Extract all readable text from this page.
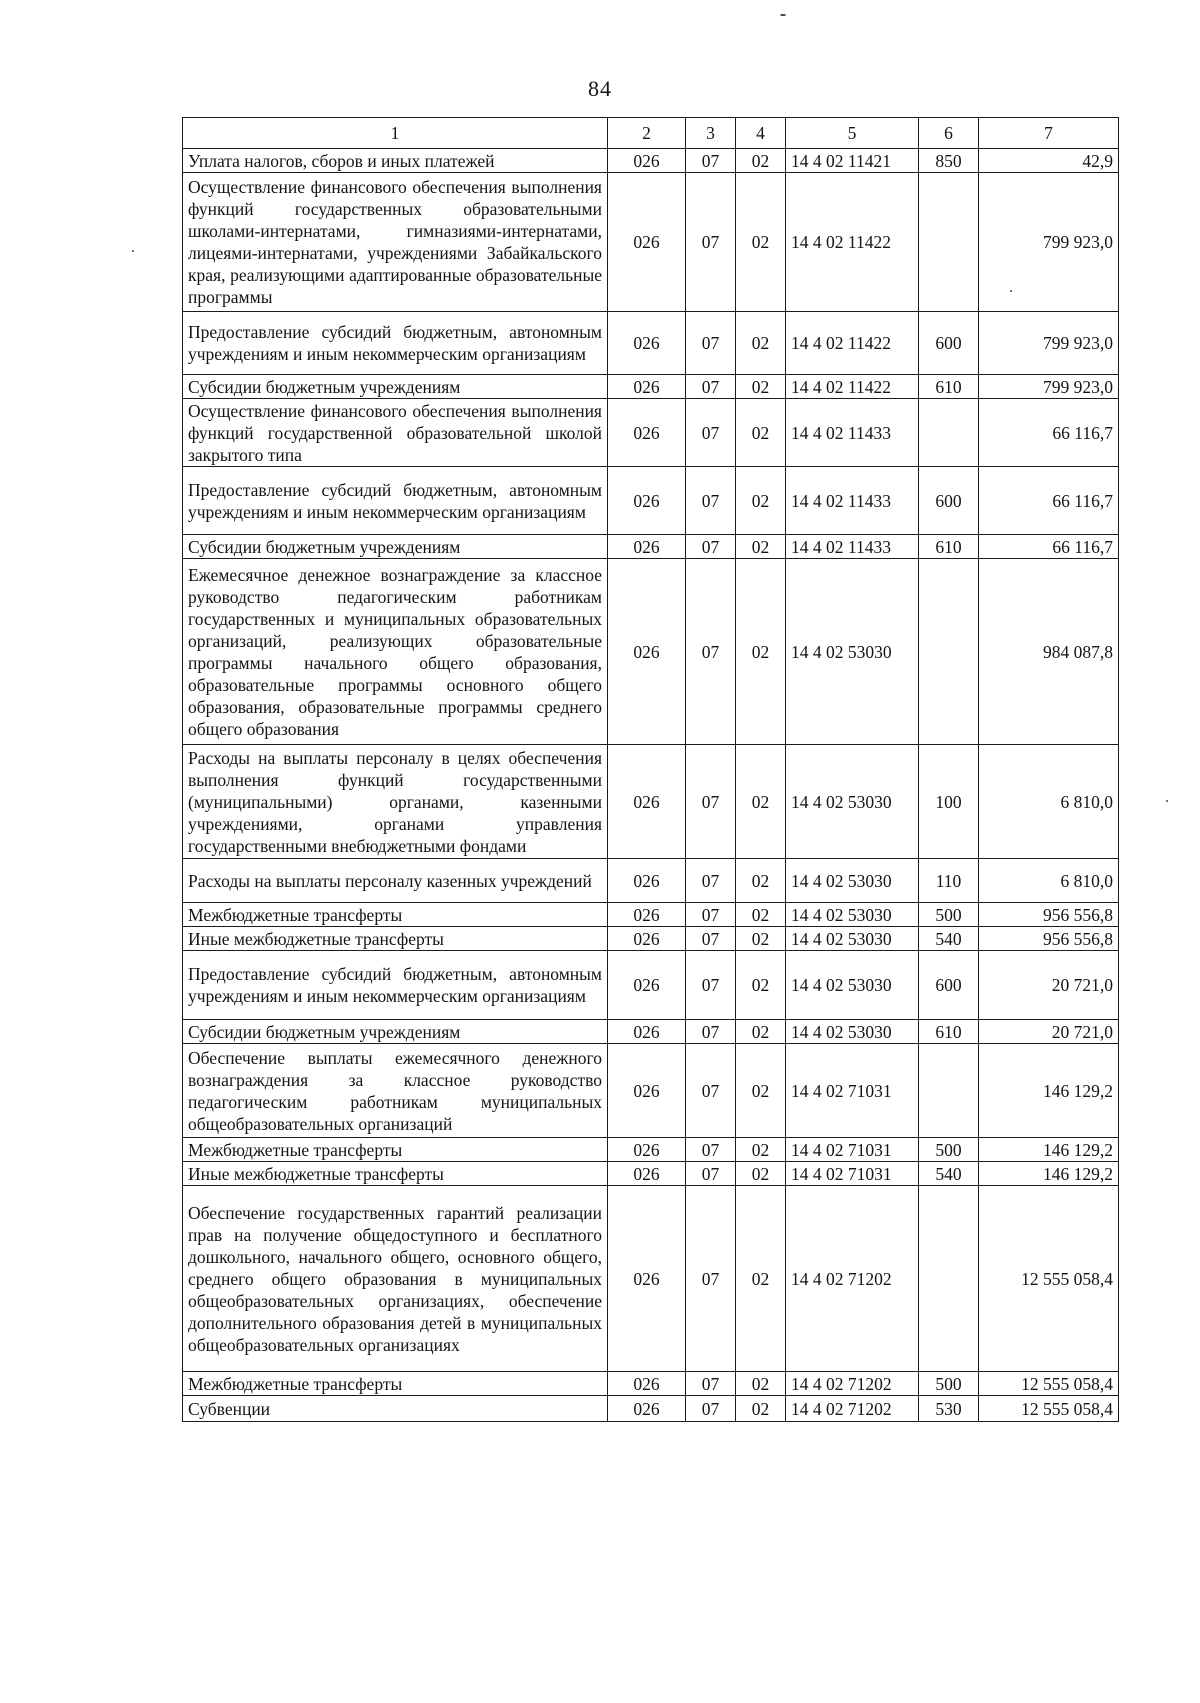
84
1	2	3	4	5	6	7
Уплата налогов, сборов и иных платежей	026	07	02	14 4 02 11421	850	42,9
Осуществление финансового обеспечения выполнения функций государственных образовательными школами-интернатами, гимназиями-интернатами, лицеями-интернатами, учреждениями Забайкальского края, реализующими адаптированные образовательные программы	026	07	02	14 4 02 11422		799 923,0
Предоставление субсидий бюджетным, автономным учреждениям и иным некоммерческим организациям	026	07	02	14 4 02 11422	600	799 923,0
Субсидии бюджетным учреждениям	026	07	02	14 4 02 11422	610	799 923,0
Осуществление финансового обеспечения выполнения функций государственной образовательной школой закрытого типа	026	07	02	14 4 02 11433		66 116,7
Предоставление субсидий бюджетным, автономным учреждениям и иным некоммерческим организациям	026	07	02	14 4 02 11433	600	66 116,7
Субсидии бюджетным учреждениям	026	07	02	14 4 02 11433	610	66 116,7
Ежемесячное денежное вознаграждение за классное руководство педагогическим работникам государственных и муниципальных образовательных организаций, реализующих образовательные программы начального общего образования, образовательные программы основного общего образования, образовательные программы среднего общего образования	026	07	02	14 4 02 53030		984 087,8
Расходы на выплаты персоналу в целях обеспечения выполнения функций государственными (муниципальными) органами, казенными учреждениями, органами управления государственными внебюджетными фондами	026	07	02	14 4 02 53030	100	6 810,0
Расходы на выплаты персоналу казенных учреждений	026	07	02	14 4 02 53030	110	6 810,0
Межбюджетные трансферты	026	07	02	14 4 02 53030	500	956 556,8
Иные межбюджетные трансферты	026	07	02	14 4 02 53030	540	956 556,8
Предоставление субсидий бюджетным, автономным учреждениям и иным некоммерческим организациям	026	07	02	14 4 02 53030	600	20 721,0
Субсидии бюджетным учреждениям	026	07	02	14 4 02 53030	610	20 721,0
Обеспечение выплаты ежемесячного денежного вознаграждения за классное руководство педагогическим работникам муниципальных общеобразовательных организаций	026	07	02	14 4 02 71031		146 129,2
Межбюджетные трансферты	026	07	02	14 4 02 71031	500	146 129,2
Иные межбюджетные трансферты	026	07	02	14 4 02 71031	540	146 129,2
Обеспечение государственных гарантий реализации прав на получение общедоступного и бесплатного дошкольного, начального общего, основного общего, среднего общего образования в муниципальных общеобразовательных организациях, обеспечение дополнительного образования детей в муниципальных общеобразовательных организациях	026	07	02	14 4 02 71202		12 555 058,4
Межбюджетные трансферты	026	07	02	14 4 02 71202	500	12 555 058,4
Субвенции	026	07	02	14 4 02 71202	530	12 555 058,4
